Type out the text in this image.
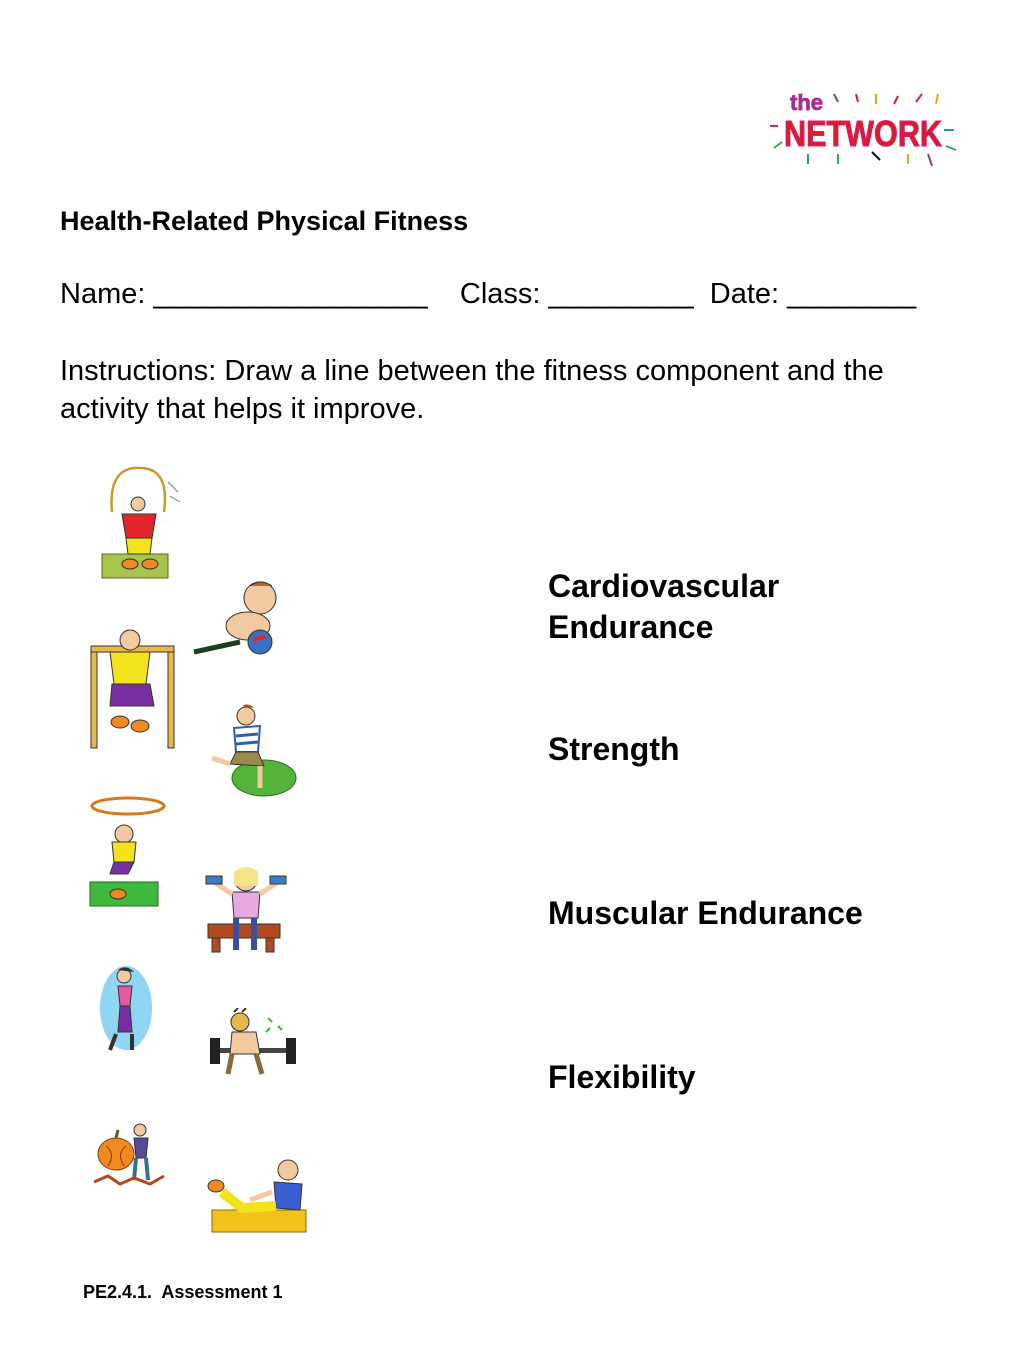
the
NETWORK
Health-Related Physical Fitness
Name: _________________    Class: _________  Date: ________
Instructions: Draw a line between the fitness component and the activity that helps it improve.
Cardiovascular Endurance
Strength
Muscular Endurance
Flexibility
PE2.4.1.  Assessment 1
